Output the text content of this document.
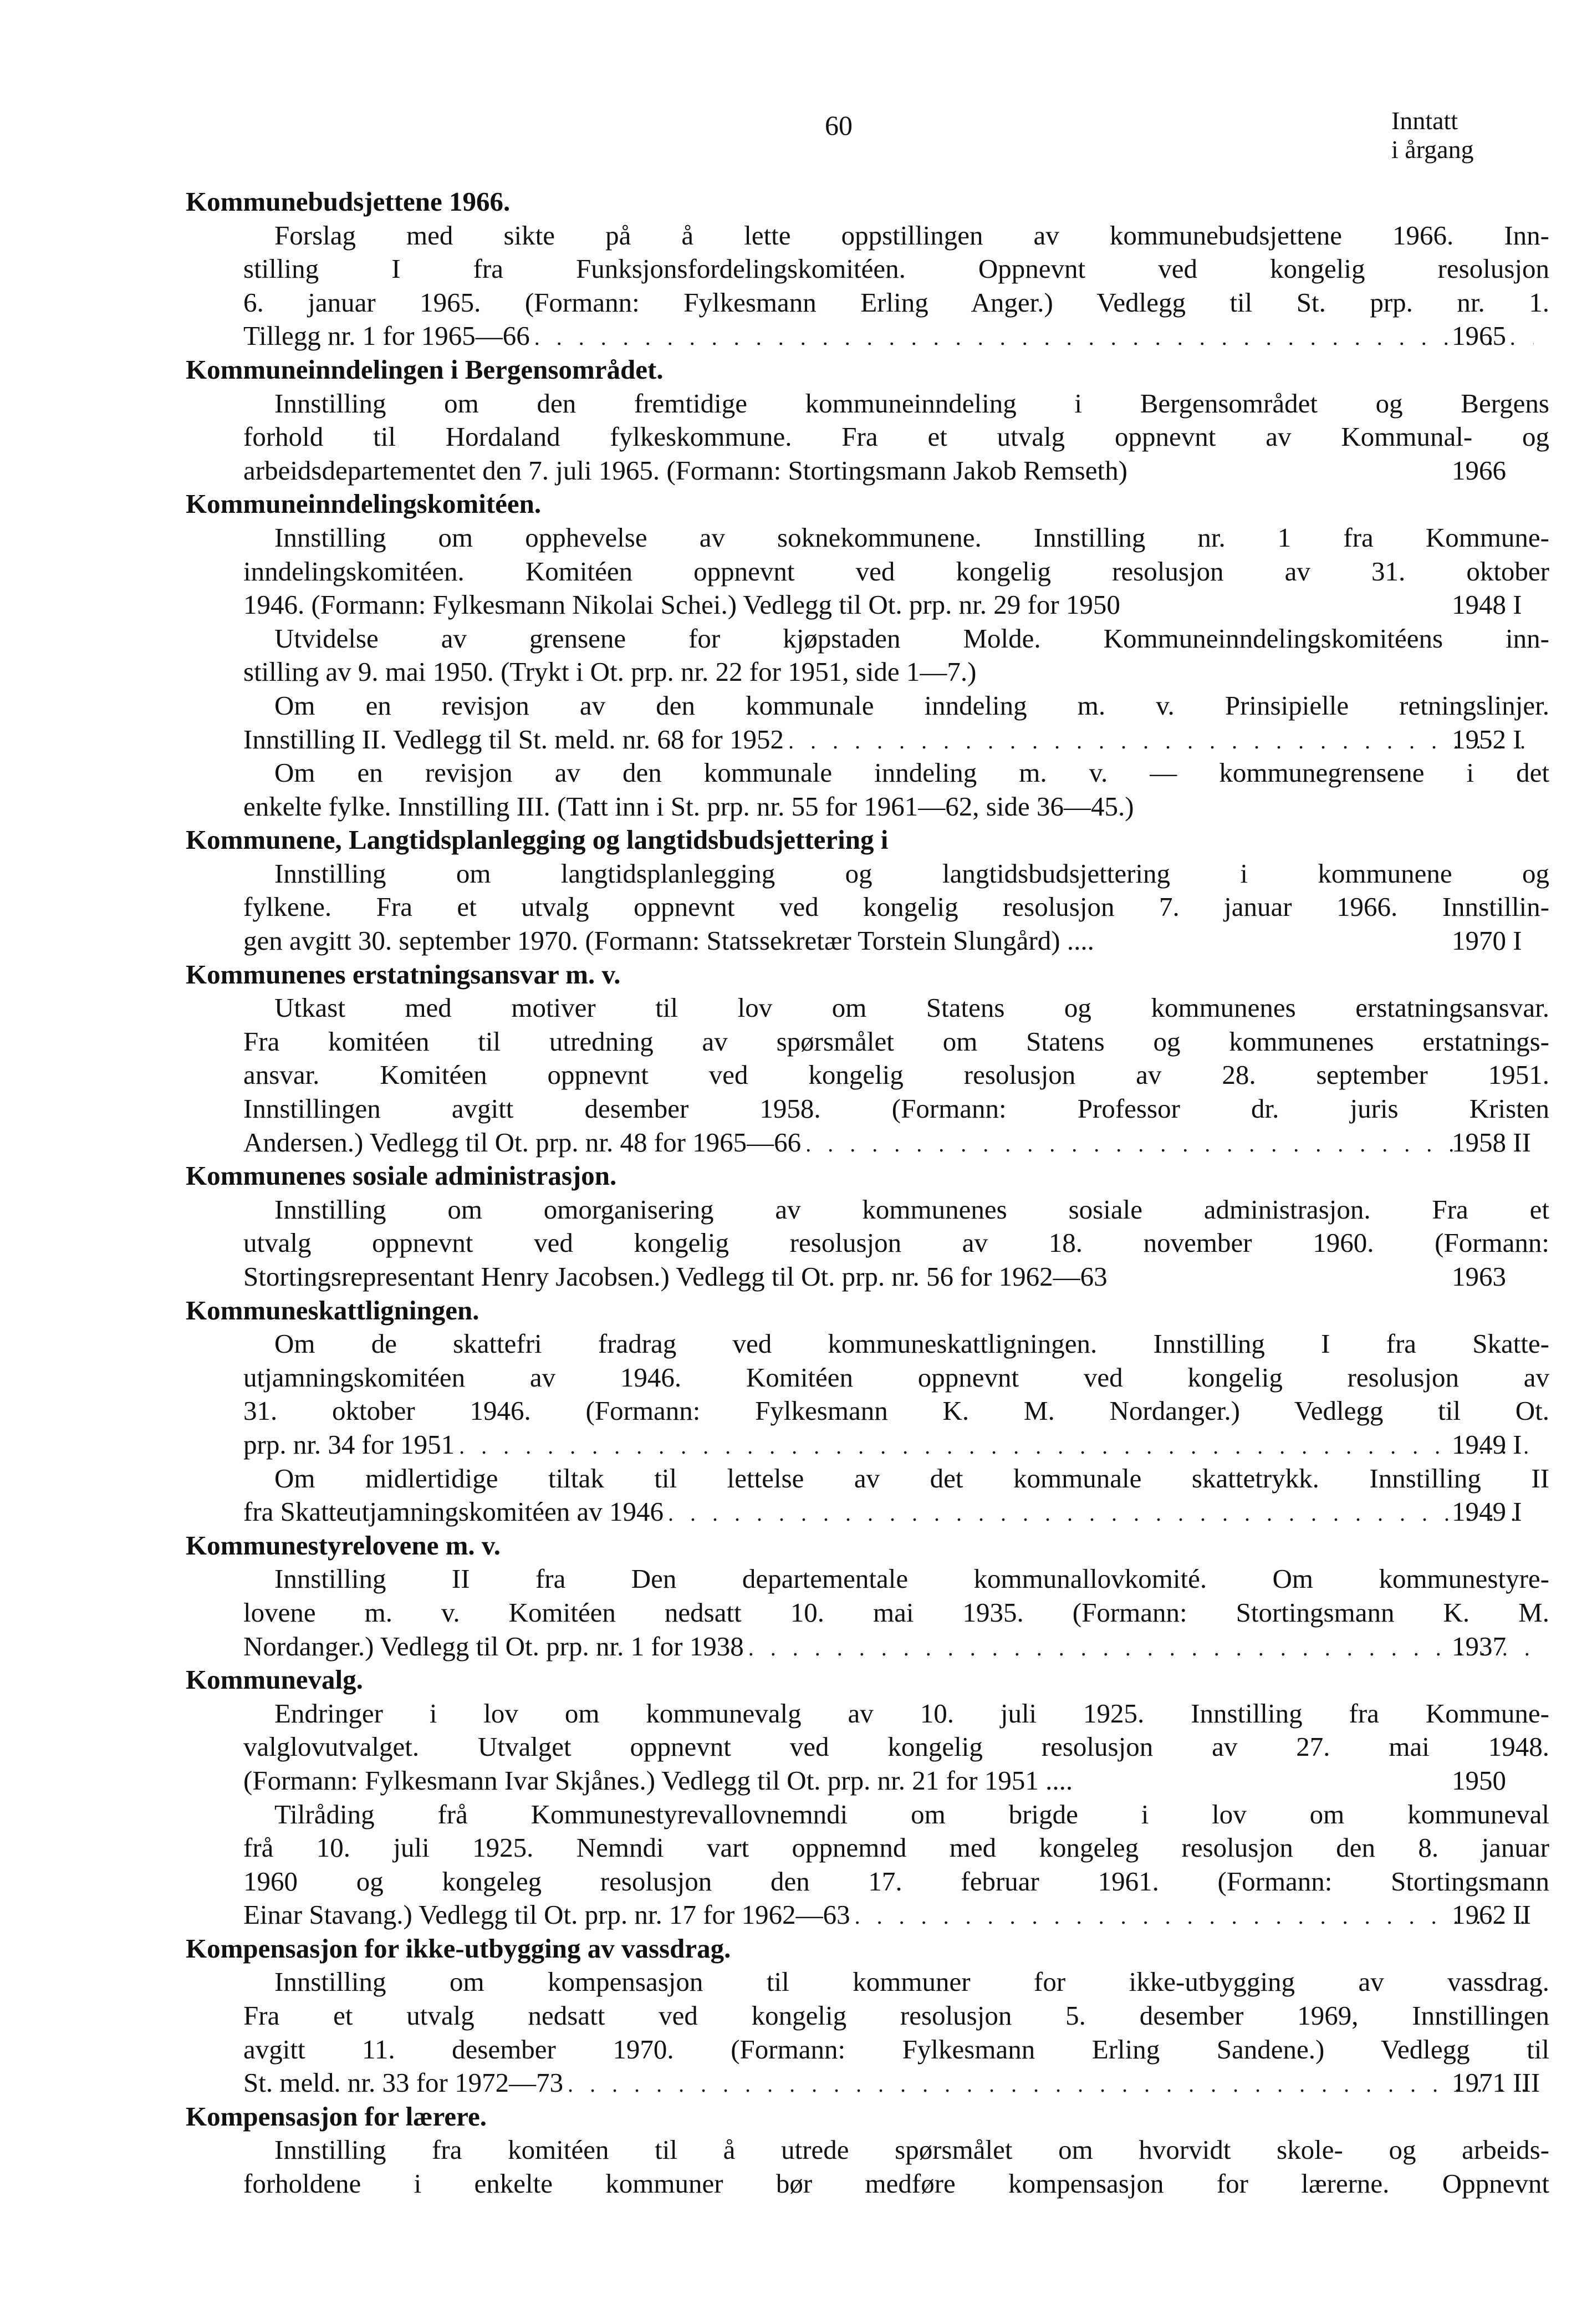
60	Inntatt
i årgang
Kommunebudsjettene 1966.
Forslag med sikte på å lette oppstillingen av kommunebudsjettene 1966. Inn-
stilling I fra Funksjonsfordelingskomitéen. Oppnevnt ved kongelig resolusjon
6. januar 1965. (Formann: Fylkesmann Erling Anger.) Vedlegg til St. prp. nr. 1.
Tillegg nr. 1 for 1965—66 . . .	1965
Kommuneinndelingen i Bergensområdet.
Innstilling om den fremtidige kommuneinndeling i Bergensområdet og Bergens
forhold til Hordaland fylkeskommune. Fra et utvalg oppnevnt av Kommunal- og
arbeidsdepartementet den 7. juli 1965. (Formann: Stortingsmann Jakob Remseth)	1966
Kommuneinndelingskomitéen.
Innstilling om opphevelse av soknekommunene. Innstilling nr. 1 fra Kommune-
inndelingskomitéen. Komitéen oppnevnt ved kongelig resolusjon av 31. oktober
1946. (Formann: Fylkesmann Nikolai Schei.) Vedlegg til Ot. prp. nr. 29 for 1950	1948 I
Utvidelse av grensene for kjøpstaden Molde. Kommuneinndelingskomitéens inn-
stilling av 9. mai 1950. (Trykt i Ot. prp. nr. 22 for 1951, side 1—7.)
Om en revisjon av den kommunale inndeling m. v. Prinsipielle retningslinjer.
Innstilling II. Vedlegg til St. meld. nr. 68 for 1952 . . .	1952 I
Om en revisjon av den kommunale inndeling m. v. — kommunegrensene i det
enkelte fylke. Innstilling III. (Tatt inn i St. prp. nr. 55 for 1961—62, side 36—45.)
Kommunene, Langtidsplanlegging og langtidsbudsjettering i
Innstilling om langtidsplanlegging og langtidsbudsjettering i kommunene og
fylkene. Fra et utvalg oppnevnt ved kongelig resolusjon 7. januar 1966. Innstillin-
gen avgitt 30. september 1970. (Formann: Statssekretær Torstein Slungård) ....	1970 I
Kommunenes erstatningsansvar m. v.
Utkast med motiver til lov om Statens og kommunenes erstatningsansvar.
Fra komitéen til utredning av spørsmålet om Statens og kommunenes erstatnings-
ansvar. Komitéen oppnevnt ved kongelig resolusjon av 28. september 1951.
Innstillingen avgitt desember 1958. (Formann: Professor dr. juris Kristen
Andersen.) Vedlegg til Ot. prp. nr. 48 for 1965—66 . . .	1958 II
Kommunenes sosiale administrasjon.
Innstilling om omorganisering av kommunenes sosiale administrasjon. Fra et
utvalg oppnevnt ved kongelig resolusjon av 18. november 1960. (Formann:
Stortingsrepresentant Henry Jacobsen.) Vedlegg til Ot. prp. nr. 56 for 1962—63	1963
Kommuneskattligningen.
Om de skattefri fradrag ved kommuneskattligningen. Innstilling I fra Skatte-
utjamningskomitéen av 1946. Komitéen oppnevnt ved kongelig resolusjon av
31. oktober 1946. (Formann: Fylkesmann K. M. Nordanger.) Vedlegg til Ot.
prp. nr. 34 for 1951 . . .	1949 I
Om midlertidige tiltak til lettelse av det kommunale skattetrykk. Innstilling II
fra Skatteutjamningskomitéen av 1946 . . .	1949 I
Kommunestyrelovene m. v.
Innstilling II fra Den departementale kommunallovkomité. Om kommunestyre-
lovene m. v. Komitéen nedsatt 10. mai 1935. (Formann: Stortingsmann K. M.
Nordanger.) Vedlegg til Ot. prp. nr. 1 for 1938 . . .	1937
Kommunevalg.
Endringer i lov om kommunevalg av 10. juli 1925. Innstilling fra Kommune-
valglovutvalget. Utvalget oppnevnt ved kongelig resolusjon av 27. mai 1948.
(Formann: Fylkesmann Ivar Skjånes.) Vedlegg til Ot. prp. nr. 21 for 1951 ....	1950
Tilråding frå Kommunestyrevallovnemndi om brigde i lov om kommuneval
frå 10. juli 1925. Nemndi vart oppnemnd med kongeleg resolusjon den 8. januar
1960 og kongeleg resolusjon den 17. februar 1961. (Formann: Stortingsmann
Einar Stavang.) Vedlegg til Ot. prp. nr. 17 for 1962—63 . . .	1962 II
Kompensasjon for ikke-utbygging av vassdrag.
Innstilling om kompensasjon til kommuner for ikke-utbygging av vassdrag.
Fra et utvalg nedsatt ved kongelig resolusjon 5. desember 1969, Innstillingen
avgitt 11. desember 1970. (Formann: Fylkesmann Erling Sandene.) Vedlegg til
St. meld. nr. 33 for 1972—73 . . .	1971 III
Kompensasjon for lærere.
Innstilling fra komitéen til å utrede spørsmålet om hvorvidt skole- og arbeids-
forholdene i enkelte kommuner bør medføre kompensasjon for lærerne. Oppnevnt
